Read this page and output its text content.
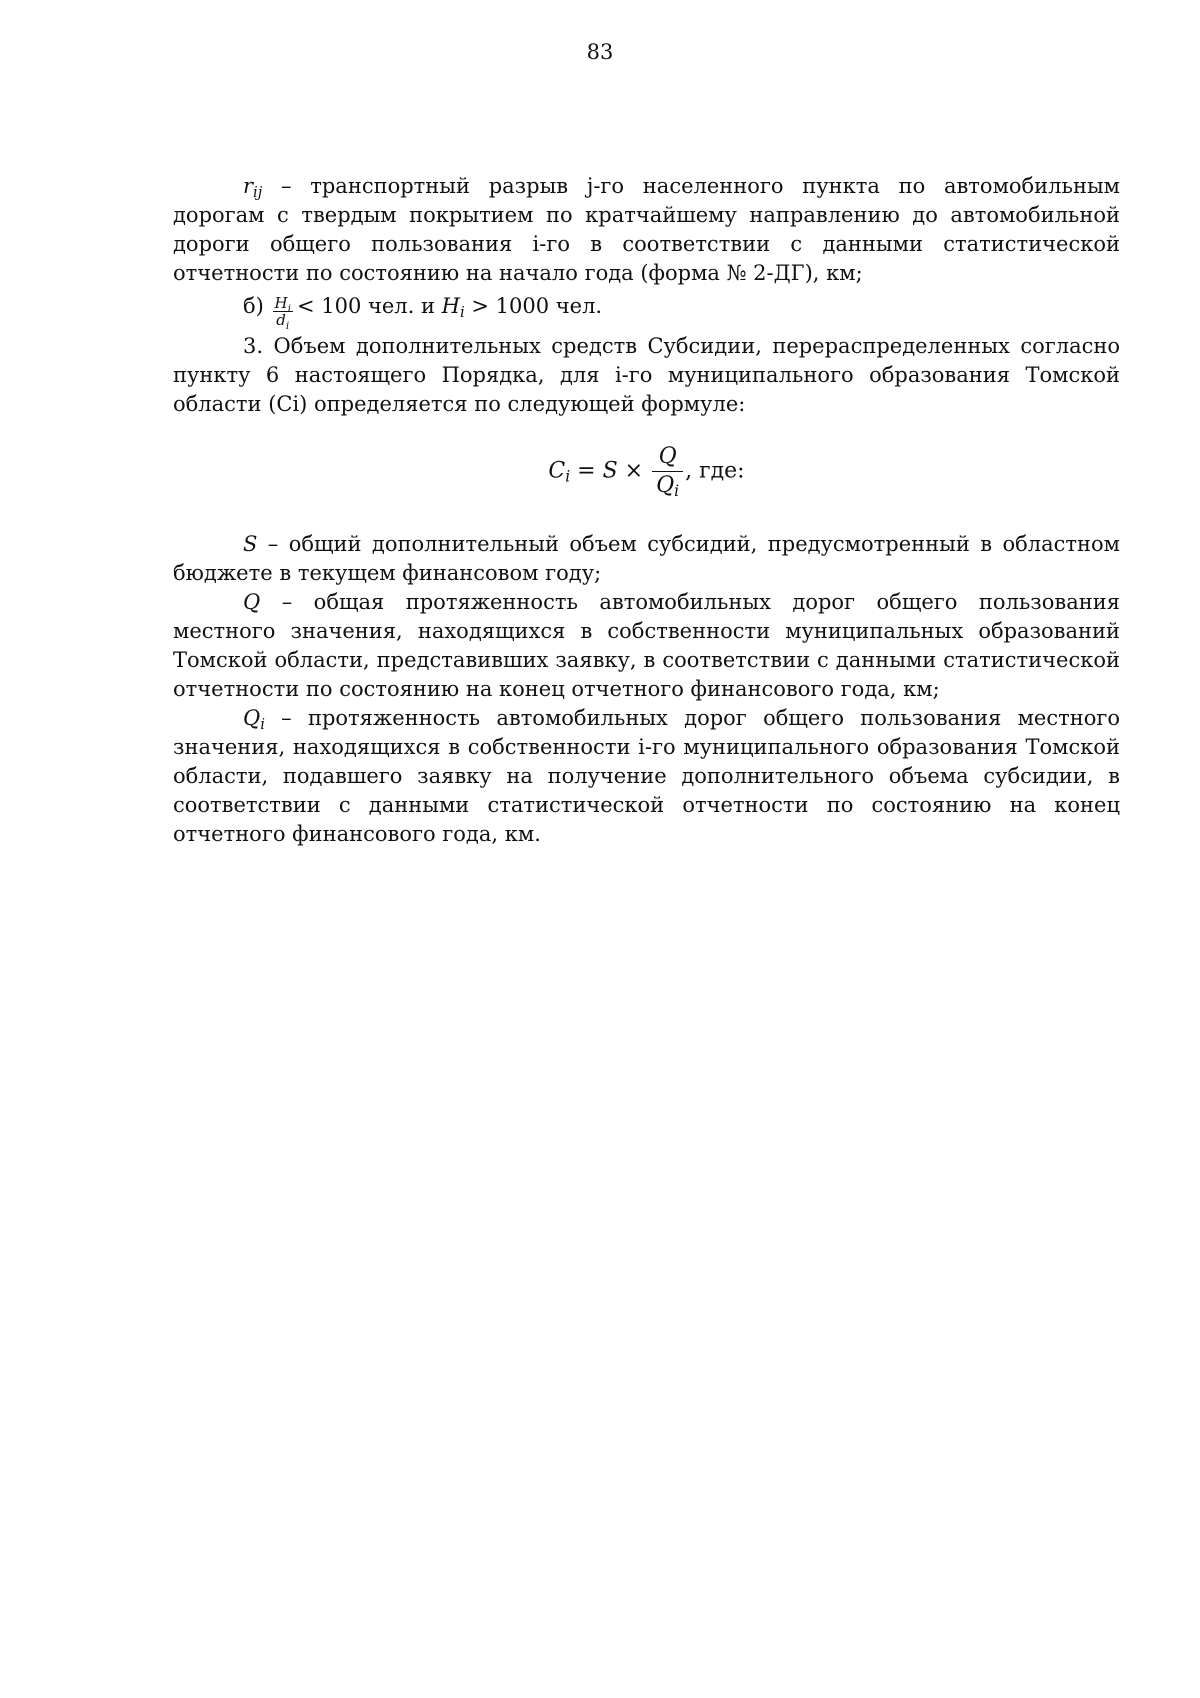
83

$r_{ij}$ – транспортный разрыв j-го населенного пункта по автомобильным дорогам с твердым покрытием по кратчайшему направлению до автомобильной дороги общего пользования i-го в соответствии с данными статистической отчетности по состоянию на начало года (форма № 2-ДГ), км;

$б) \frac{H_i}{d_i} < 100$ чел. и $H_i > 1000$ чел.

3. Объем дополнительных средств Субсидии, перераспределенных согласно пункту 6 настоящего Порядка, для i-го муниципального образования Томской области (Ci) определяется по следующей формуле:

$C_i = S \times \frac{Q}{Q_i}$ , где:

S – общий дополнительный объем субсидий, предусмотренный в областном бюджете в текущем финансовом году;

Q – общая протяженность автомобильных дорог общего пользования местного значения, находящихся в собственности муниципальных образований Томской области, представивших заявку, в соответствии с данными статистической отчетности по состоянию на конец отчетного финансового года, км;

$Q_i$ – протяженность автомобильных дорог общего пользования местного значения, находящихся в собственности i-го муниципального образования Томской области, подавшего заявку на получение дополнительного объема субсидии, в соответствии с данными статистической отчетности по состоянию на конец отчетного финансового года, км.
